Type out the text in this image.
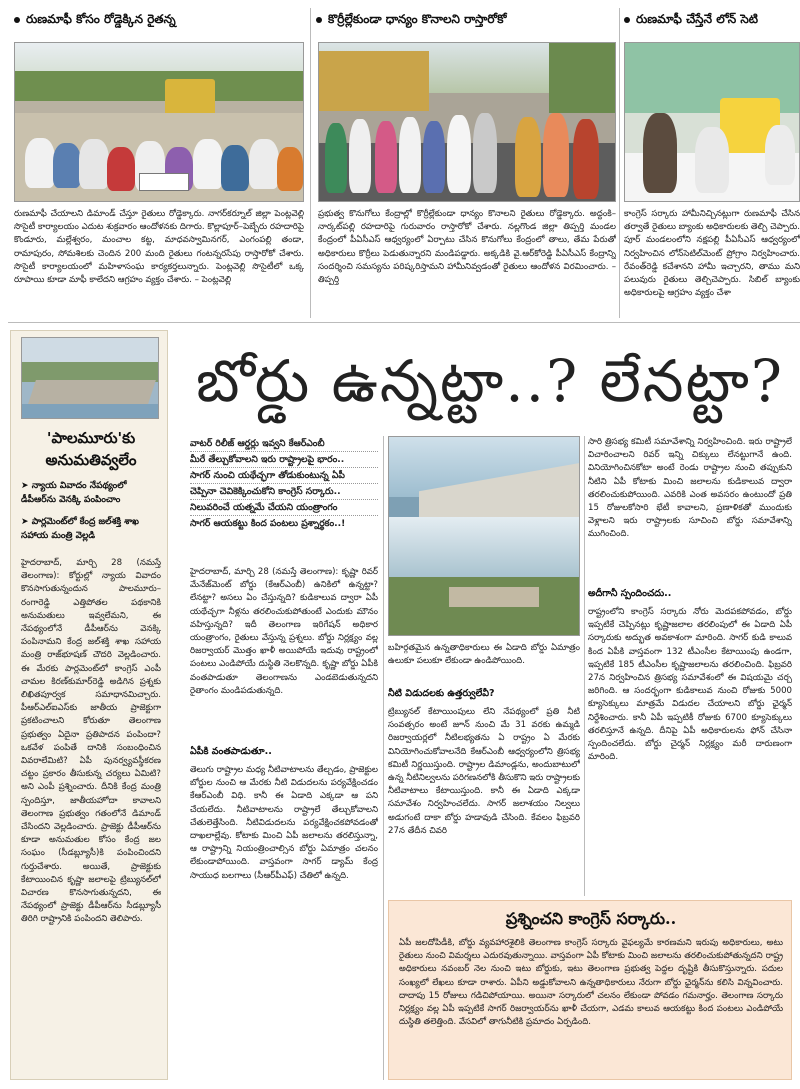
రుణమాఫీ కోసం రోడ్డెక్కిన రైతన్న	కొర్రీల్లేకుండా ధాన్యం కొనాలని రాస్తారోకో	రుణమాఫీ చేస్తేనే లోన్ సెటి
రుణమాఫీ చేయాలని డిమాండ్ చేస్తూ రైతులు రోడ్డెక్కారు. నాగర్‌కర్నూల్ జిల్లా పెంట్లవెల్లి సొసైటీ కార్యాలయం ఎదుట శుక్రవారం ఆందోళనకు దిగారు. కొల్లాపూర్–పెబ్బేరు రహదారిపై కొండూరు, మల్లేశ్వరం, మంచాల కట్ట, మాధవస్వామినగర్, ఎంగంపల్లి తండా, రామాపురం, సోమశిలకు చెందిన 200 మంది రైతులు గంటన్నరసేపు రాస్తారోకో చేశారు. సొసైటీ కార్యాలయంలో మహిళాసంఘ కార్యకర్తలున్నారు. పెంట్లవెల్లి సొసైటీలో ఒక్క రూపాయి కూడా మాఫీ కాలేదని ఆగ్రహం వ్యక్తం చేశారు. – పెంట్లవెల్లి
ప్రభుత్వ కొనుగోలు కేంద్రాల్లో కొర్రీల్లేకుండా ధాన్యం కొనాలని రైతులు రోడ్డెక్కారు. అద్దంకి–నార్కట్‌పల్లి రహదారిపై గురువారం రాస్తారోకో చేశారు. నల్లగొండ జిల్లా తిప్పర్తి మండల కేంద్రంలో పీఏసీఎస్ ఆధ్వర్యంలో ఏర్పాటు చేసిన కొనుగోలు కేంద్రంలో తాలు, తేమ పేరుతో అధికారులు కొర్రీలు పెడుతున్నారని మండిపడ్డారు. అక్కడికి వై.ఆర్‌కోరెడ్డి పీఏసీఎస్ కేంద్రాన్ని సందర్శించి సమస్యను పరిష్కరిస్తామని హామీనివ్వడంతో రైతులు ఆందోళన విరమించారు. – తిప్పర్తి
కాంగ్రెస్ సర్కారు హామీనిచ్చినట్లుగా రుణమాఫీ చేసిన తర్వాతే రైతులు బ్యాంకు అధికారులకు తెల్చి చెప్పారు. పూర్ మండలంలోని నక్షపల్లి పీఏసీఎస్ ఆధ్వర్యంలో నిర్వహించిన లోన్‌సెటిల్‌మెంట్ ప్రోగ్రాం నిర్వహించారు. రేవంత్‌రెడ్డి కచేశానని హామీ ఇచ్చారని, తాము మని పలువురు రైతులు తెల్చిచెప్పారు. సిబిల్ బ్యాంకు అధికారులపై ఆగ్రహం వ్యక్తం చేశా
'పాలమూరు'కు అనుమతివ్వలేం
➤ న్యాయ వివాదం నేపథ్యంలో డీపీఆర్‌ను వెనక్కి పంపించాం
➤ పార్లమెంట్‌లో కేంద్ర జల్‌శక్తి శాఖ సహాయ మంత్రి వెల్లడి
హైదరాబాద్, మార్చి 28 (నమస్తే తెలంగాణ): కోర్టుల్లో న్యాయ వివాదం కొనసాగుతున్నందున పాలమూరు–రంగారెడ్డి ఎత్తిపోతల పథకానికి అనుమతులు ఇవ్వలేమని, ఈ నేపథ్యంలోనే డీపీఆర్‌ను వెనక్కి పంపినామని కేంద్ర జల్‌శక్తి శాఖ సహాయ మంత్రి రాజ్‌భూషణ్ చౌదరి వెల్లడించారు. ఈ మేరకు పార్లమెంట్‌లో కాంగ్రెస్ ఎంపీ చామల కిరణ్‌కుమార్‌రెడ్డి అడిగిన ప్రశ్నకు లిఖితపూర్వక సమాధానమిచ్చారు. పీఆర్ఎల్ఐఎస్‌కు జాతీయ ప్రాజెక్టుగా ప్రకటించాలని కోరుతూ తెలంగాణ ప్రభుత్వం ఏదైనా ప్రతిపాదన పంపిందా? ఒకవేళ పంపితే దానికి సంబంధించిన వివరాలేమిటి? ఏపీ పునర్వ్యవస్థీకరణ చట్టం ప్రకారం తీసుకున్న చర్యలు ఏమిటి? అని ఎంపీ ప్రశ్నించారు. దీనికి కేంద్ర మంత్రి స్పందిస్తూ, జాతీయహోదా కావాలని తెలంగాణ ప్రభుత్వం గతంలోనే డిమాండ్ చేసిందని వెల్లడించారు. ప్రాజెక్టు డీపీఆర్‌ను కూడా అనుమతుల కోసం కేంద్ర జల సంఘం (సీడబ్ల్యూసీ)కి పంపించిందని గుర్తుచేశారు. అయితే, ప్రాజెక్టుకు కేటాయించిన కృష్ణా జలాలపై ట్రిబ్యునల్‌లో విచారణ కొనసాగుతున్నదని, ఈ నేపథ్యంలో ప్రాజెక్టు డీపీఆర్‌ను సీడబ్ల్యూసీ తిరిగి రాష్ట్రానికి పంపిందని తెలిపారు.
బోర్డు ఉన్నట్టా..? లేనట్టా?
వాటర్ రిలీజ్ ఆర్డర్లు ఇవ్వని కేఆర్‌ఎంబీ
మీరే తేల్చుకోవాలని ఇరు రాష్ట్రాలపై భారం..
సాగర్ నుంచి యథేచ్ఛగా తోడుకుంటున్న ఏపీ
చెప్పినా చెవికెక్కించుకోని కాంగ్రెస్ సర్కారు..
నిలువరించే యత్నమే చేయని యంత్రాంగం
సాగర్ ఆయకట్టు కింద పంటలు ప్రశ్నార్థకం..!
హైదరాబాద్, మార్చి 28 (నమస్తే తెలంగాణ): కృష్ణా రివర్ మేనేజ్‌మెంట్ బోర్డు (కేఆర్‌ఎంబీ) ఉనికిలో ఉన్నట్టా? లేనట్టా? అసలు ఏం చేస్తున్నది? కుడికాలువ ద్వారా ఏపీ యథేచ్ఛగా నీళ్లను తరలించుకుపోతుంటే ఎందుకు మౌనం వహిస్తున్నది? ఇదీ తెలంగాణ ఇరిగేషన్ అధికార యంత్రాంగం, రైతులు వేస్తున్న ప్రశ్నలు. బోర్డు నిర్లక్ష్యం వల్ల రిజర్వాయర్ మొత్తం ఖాళీ అయిపోయే ఇదువు రాష్ట్రంలో పంటలు ఎండిపోయే దుస్థితి నెలకొన్నది. కృష్ణా బోర్డు ఏపీకి వంతపాడుతూ తెలంగాణను ఎండబెడుతున్నదని రైతాంగం మండిపడుతున్నది.
ఏపీకి వంతపాడుతూ..
తెలుగు రాష్ట్రాల మధ్య నీటివాటాలను తేల్చడం, ప్రాజెక్టుల బోర్డుల నుంచి ఆ మేరకు నీటి విడుదలను పర్యవేక్షించడం కేఆర్‌ఎంబీ విధి. కానీ ఈ ఏడాది ఎక్కడా ఆ పని చేయలేదు. నీటివాటాలను రాష్ట్రాలే తేల్చుకోవాలని చేతులెత్తేసింది. నీటివిడుదలను పర్యవేక్షించకపోవడంతో దాఖలాల్లేవు. కోటాకు మించి ఏపీ జలాలను తరలిస్తున్నా, ఆ రాష్ట్రాన్ని నియంత్రించాల్సిన బోర్డు ఏమాత్రం చలనం లేకుండాపోయింది. వాస్తవంగా సాగర్ డ్యామ్ కేంద్ర సాయుధ బలగాలు (సీఆర్‌పీఎఫ్) చేతిలో ఉన్నది.
బహిర్గతమైన ఉన్నతాధికారులు ఈ ఏడాది బోర్డు ఏమాత్రం ఉలుకూ పలుకూ లేకుండా ఉండిపోయింది.
నీటి విడుదలకు ఉత్తర్వులేవీ?
ట్రిబ్యునల్ కేటాయింపులు లేని నేపథ్యంలో ప్రతి నీటి సంవత్సరం అంటే జూన్ నుంచి మే 31 వరకు ఉమ్మడి రిజర్వాయర్లలో నీటిలభ్యతను ఏ రాష్ట్రం ఏ మేరకు వినియోగించుకోవాలనేది కేఆర్‌ఎంబీ ఆధ్వర్యంలోని త్రిసభ్య కమిటీ నిర్ణయిస్తుంది. రాష్ట్రాల డిమాండ్లను, అందుబాటులో ఉన్న నీటినిల్వలను పరిగణనలోకి తీసుకొని ఇరు రాష్ట్రాలకు నీటివాటాలు కేటాయిస్తుంది. కానీ ఈ ఏడాది ఎక్కడా సమావేశం నిర్వహించలేదు. సాగర్ జలాశయం నిల్వలు అడుగంటే దాకా బోర్డు హడావుడి చేసింది. కేవలం ఫిబ్రవరి 27న తేదీన చివరి
సారి త్రిసభ్య కమిటీ సమావేశాన్ని నిర్వహించింది. ఇరు రాష్ట్రాలే విచారించాలని రివర్ ఇన్ని చిక్కులు లేనట్టుగానే ఉంది. వినియోగించినకోటా అంటే రెండు రాష్ట్రాల నుంచి తప్పుకుని నీటిని ఏపీ కోటాకు మించి జలాలను కుడికాలువ ద్వారా తరలించుకుపోయింది. ఎవరికి ఎంత అవసరం ఉంటుందో ప్రతి 15 రోజులకోసారి భేటీ కావాలని, ప్రణాళికతో ముందుకు వెళ్లాలని ఇరు రాష్ట్రాలకు సూచించి బోర్డు సమావేశాన్ని ముగించింది.
అదీగానీ స్పందించదు..
రాష్ట్రంలోని కాంగ్రెస్ సర్కారు నోరు మెదపకపోవడం, బోర్డు ఇప్పటికే చెప్పినట్లు కృష్ణాజలాల తరలింపులో ఈ ఏడాది ఏపీ సర్కారుకు అద్భుత అవకాశంగా మారింది. సాగర్ కుడి కాలువ కింద ఏపీకి వాస్తవంగా 132 టీఎంసీల కేటాయింపు ఉండగా, ఇప్పటికే 185 టీఎంసీల కృష్ణాజలాలను తరలించింది. ఫిబ్రవరి 27న నిర్వహించిన త్రిసభ్య సమావేశంలో ఈ విషయమై చర్చ జరిగింది. ఆ సందర్భంగా కుడికాలువ నుంచి రోజుకు 5000 క్యూసెక్కులు మాత్రమే విడుదల చేయాలని బోర్డు ఛైర్మన్ నిర్దేశించారు. కానీ ఏపీ ఇప్పటికీ రోజుకు 6700 క్యూసెక్కులు తరలిస్తూనే ఉన్నది. దీనిపై ఏపీ అధికారులను ఫోన్ చేసినా స్పందించలేదు. బోర్డు చైర్మన్ నిర్లక్ష్యం మరీ దారుణంగా మారింది.
ప్రశ్నించని కాంగ్రెస్ సర్కారు..
ఏపీ జలదోపిడీకి, బోర్డు వ్యవహారశైలికి తెలంగాణ కాంగ్రెస్ సర్కారు వైఫల్యమే కారణమని ఇరుపు అధికారులు, అటు రైతులు నుంచి విమర్శలు ఎదురవుతున్నాయి. వాస్తవంగా ఏపీ కోటాకు మించి జలాలను తరలించుకుపోతున్నదని రాష్ట్ర అధికారులు నవంబర్ నెల నుంచి ఇటు బోర్డుకు, ఇటు తెలంగాణ ప్రభుత్వ పెద్దల దృష్టికి తీసుకొస్తున్నారు. పదుల సంఖ్యలో లేఖలు కూడా రాశారు. ఏపీని అడ్డుకోవాలని ఉన్నతాధికారులు నేరుగా బోర్డు ఛైర్మన్‌ను కలిసి విన్నవించారు. దాదాపు 15 రోజులు గడిచిపోయాయి. అయినా సర్కారులో చలనం లేకుండా పోవడం గమనార్హం. తెలంగాణ సర్కారు నిర్లక్ష్యం వల్ల ఏపీ ఇప్పటికే సాగర్ రిజర్వాయర్‌ను ఖాళీ చేయగా, ఎడమ కాలువ ఆయకట్టు కింద పంటలు ఎండిపోయే దుస్థితి తలెత్తింది. వేసవిలో తాగునీటికి ప్రమాదం ఏర్పడింది.
